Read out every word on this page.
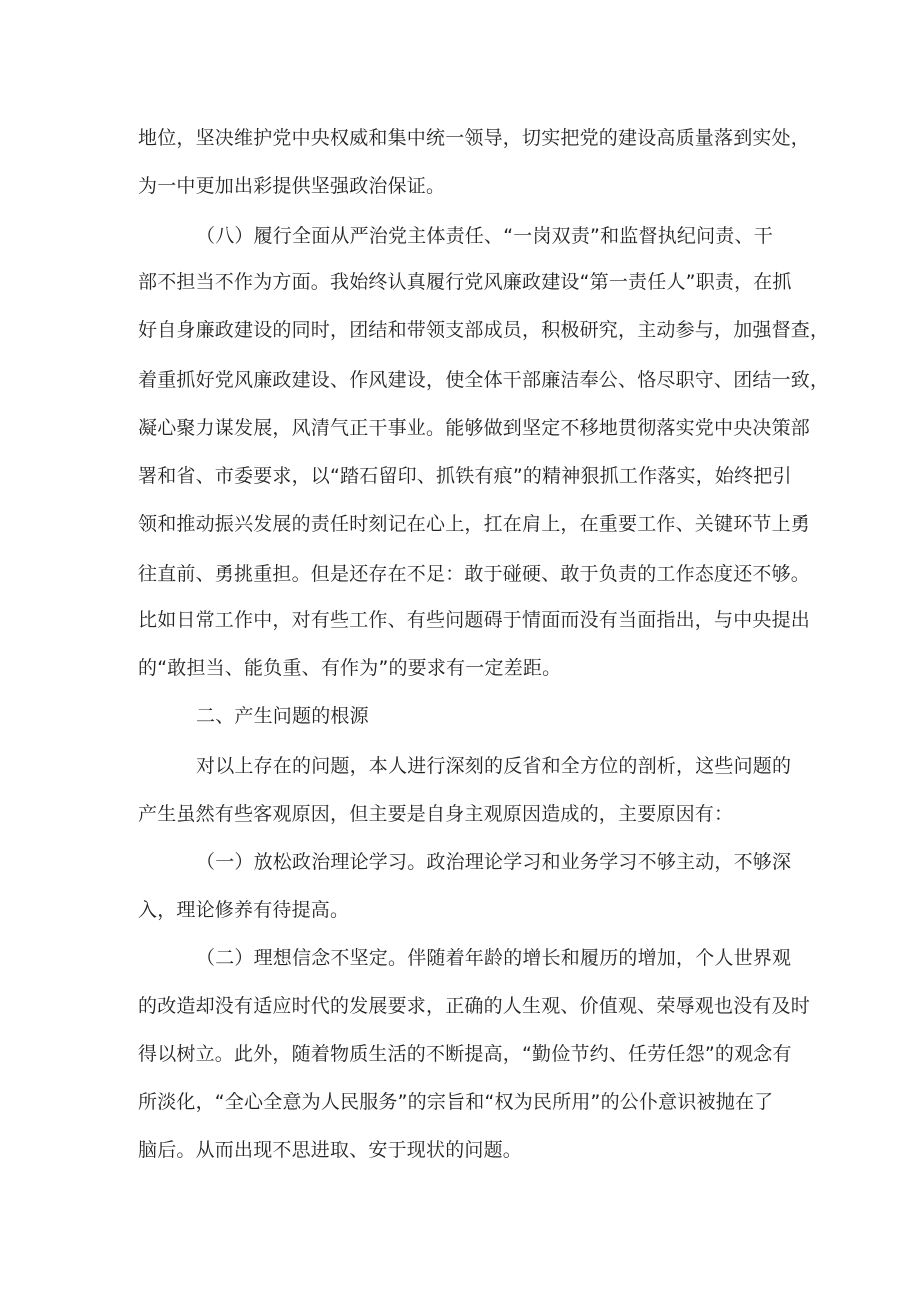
地位，坚决维护党中央权威和集中统一领导，切实把党的建设高质量落到实处，
为一中更加出彩提供坚强政治保证。
（八）履行全面从严治党主体责任、“一岗双责”和监督执纪问责、干
部不担当不作为方面。我始终认真履行党风廉政建设“第一责任人”职责，在抓
好自身廉政建设的同时，团结和带领支部成员，积极研究，主动参与，加强督查，
着重抓好党风廉政建设、作风建设，使全体干部廉洁奉公、恪尽职守、团结一致，
凝心聚力谋发展，风清气正干事业。能够做到坚定不移地贯彻落实党中央决策部
署和省、市委要求，以“踏石留印、抓铁有痕”的精神狠抓工作落实，始终把引
领和推动振兴发展的责任时刻记在心上，扛在肩上，在重要工作、关键环节上勇
往直前、勇挑重担。但是还存在不足：敢于碰硬、敢于负责的工作态度还不够。
比如日常工作中，对有些工作、有些问题碍于情面而没有当面指出，与中央提出
的“敢担当、能负重、有作为”的要求有一定差距。
二、产生问题的根源
对以上存在的问题，本人进行深刻的反省和全方位的剖析，这些问题的
产生虽然有些客观原因，但主要是自身主观原因造成的，主要原因有：
（一）放松政治理论学习。政治理论学习和业务学习不够主动，不够深
入，理论修养有待提高。
（二）理想信念不坚定。伴随着年龄的增长和履历的增加，个人世界观
的改造却没有适应时代的发展要求，正确的人生观、价值观、荣辱观也没有及时
得以树立。此外，随着物质生活的不断提高，“勤俭节约、任劳任怨”的观念有
所淡化，“全心全意为人民服务”的宗旨和“权为民所用”的公仆意识被抛在了
脑后。从而出现不思进取、安于现状的问题。
